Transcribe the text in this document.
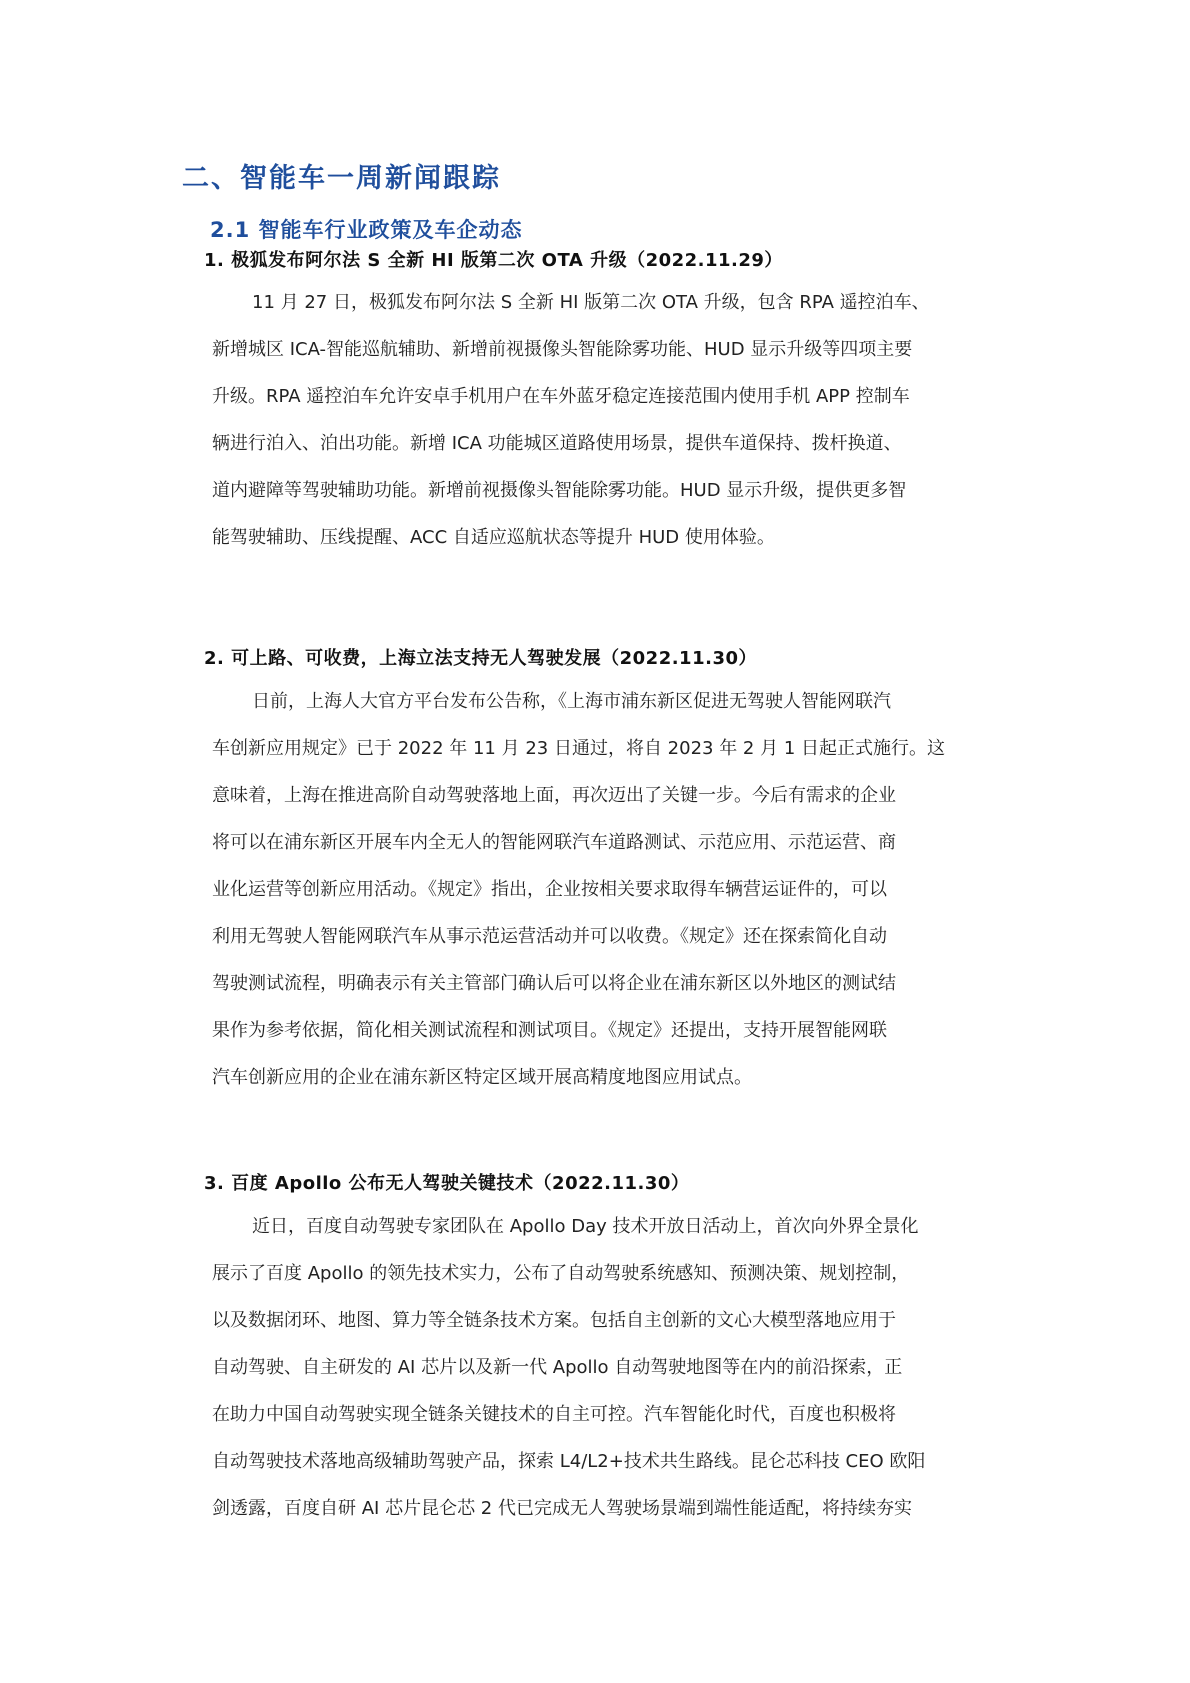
二、智能车一周新闻跟踪
2.1 智能车行业政策及车企动态
1. 极狐发布阿尔法 S 全新 HI 版第二次 OTA 升级（2022.11.29）
11 月 27 日，极狐发布阿尔法 S 全新 HI 版第二次 OTA 升级，包含 RPA 遥控泊车、
新增城区 ICA-智能巡航辅助、新增前视摄像头智能除雾功能、HUD 显示升级等四项主要
升级。RPA 遥控泊车允许安卓手机用户在车外蓝牙稳定连接范围内使用手机 APP 控制车
辆进行泊入、泊出功能。新增 ICA 功能城区道路使用场景，提供车道保持、拨杆换道、
道内避障等驾驶辅助功能。新增前视摄像头智能除雾功能。HUD 显示升级，提供更多智
能驾驶辅助、压线提醒、ACC 自适应巡航状态等提升 HUD 使用体验。
2. 可上路、可收费，上海立法支持无人驾驶发展（2022.11.30）
日前，上海人大官方平台发布公告称，《上海市浦东新区促进无驾驶人智能网联汽
车创新应用规定》已于 2022 年 11 月 23 日通过，将自 2023 年 2 月 1 日起正式施行。这
意味着，上海在推进高阶自动驾驶落地上面，再次迈出了关键一步。今后有需求的企业
将可以在浦东新区开展车内全无人的智能网联汽车道路测试、示范应用、示范运营、商
业化运营等创新应用活动。《规定》指出，企业按相关要求取得车辆营运证件的，可以
利用无驾驶人智能网联汽车从事示范运营活动并可以收费。《规定》还在探索简化自动
驾驶测试流程，明确表示有关主管部门确认后可以将企业在浦东新区以外地区的测试结
果作为参考依据，简化相关测试流程和测试项目。《规定》还提出，支持开展智能网联
汽车创新应用的企业在浦东新区特定区域开展高精度地图应用试点。
3. 百度 Apollo 公布无人驾驶关键技术（2022.11.30）
近日，百度自动驾驶专家团队在 Apollo Day 技术开放日活动上，首次向外界全景化
展示了百度 Apollo 的领先技术实力，公布了自动驾驶系统感知、预测决策、规划控制，
以及数据闭环、地图、算力等全链条技术方案。包括自主创新的文心大模型落地应用于
自动驾驶、自主研发的 AI 芯片以及新一代 Apollo 自动驾驶地图等在内的前沿探索，正
在助力中国自动驾驶实现全链条关键技术的自主可控。汽车智能化时代，百度也积极将
自动驾驶技术落地高级辅助驾驶产品，探索 L4/L2+技术共生路线。昆仑芯科技 CEO 欧阳
剑透露，百度自研 AI 芯片昆仑芯 2 代已完成无人驾驶场景端到端性能适配，将持续夯实
